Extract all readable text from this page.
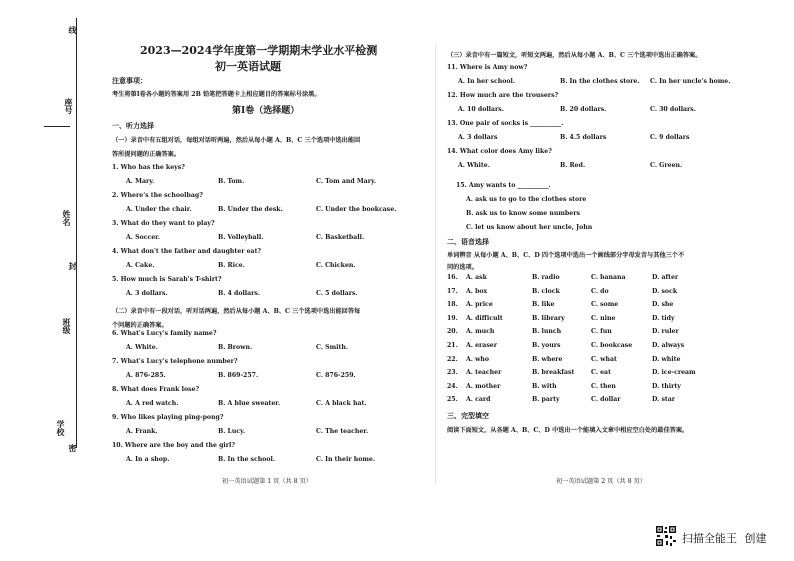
座号
姓名
封
班级
学校
线
密
2023—2024学年度第一学期期末学业水平检测
初一英语试题
注意事项：
考生将第Ⅰ卷各小题的答案用 2B 铅笔把答题卡上相应题目的答案标号涂黑。
第Ⅰ卷（选择题）
一、听力选择
（一）录音中有五组对话，每组对话听两遍，然后从每小题 A、B、C 三个选项中选出能回
答所提问题的正确答案。
1. Who has the keys?
A. Mary.	B. Tom.	C. Tom and Mary.
2. Where's the schoolbag?
A. Under the chair.	B. Under the desk.	C. Under the bookcase.
3. What do they want to play?
A. Soccer.	B. Volleyball.	C. Basketball.
4. What don't the father and daughter eat?
A. Cake.	B. Rice.	C. Chicken.
5. How much is Sarah's T-shirt?
A. 3 dollars.	B. 4 dollars.	C. 5 dollars.
6. What's Lucy's family name?
A. White.	B. Brown.	C. Smith.
7. What's Lucy's telephone number?
A. 876-285.	B. 869-257.	C. 876-259.
8. What does Frank lose?
A. A red watch.	B. A blue sweater.	C. A black hat.
9. Who likes playing ping-pong?
A. Frank.	B. Lucy.	C. The teacher.
10. Where are the boy and the girl?
A. In a shop.	B. In the school.	C. In their home.
（二）录音中有一段对话，听对话两遍，然后从每小题 A、B、C 三个选项中选出能回答每
个问题的正确答案。
初一英语试题第 1 页（共 8 页）
（三）录音中有一篇短文，听短文两遍，然后从每小题 A、B、C 三个选项中选出正确答案。
11. Where is Amy now?
A. In her school.	B. In the clothes store. C. In her uncle's home.
12. How much are the trousers?
A. 10 dollars.	B. 20 dollars.	C. 30 dollars.
13. One pair of socks is __________.
A. 3 dollars	B. 4.5 dollars	C. 9 dollars
14. What color does Amy like?
A. White.	B. Red.	C. Green.
15. Amy wants to __________.
A. ask us to go to the clothes store
B. ask us to know some numbers
C. let us know about her uncle, John
二、语音选择
单词辨音 从每小题 A、B、C、D 四个选项中选出一个画线部分字母发音与其他三个不
同的选项。
16. A. ask	B. radio	C. banana	D. after
17. A. box	B. clock	C. do	D. sock
18. A. price	B. like	C. some	D. she
19. A. difficult	B. library	C. nine	D. tidy
20. A. much	B. lunch	C. fun	D. ruler
21. A. eraser	B. yours	C. bookcase	D. always
22. A. who	B. where	C. what	D. white
23. A. teacher	B. breakfast	C. eat	D. ice-cream
24. A. mother	B. with	C. then	D. thirty
25. A. card	B. party	C. dollar	D. star
三、完型填空
阅读下面短文，从各题 A、B、C、D 中选出一个能填入文章中相应空白处的最佳答案。
初一英语试题第 2 页（共 8 页）
扫描全能王 创建
